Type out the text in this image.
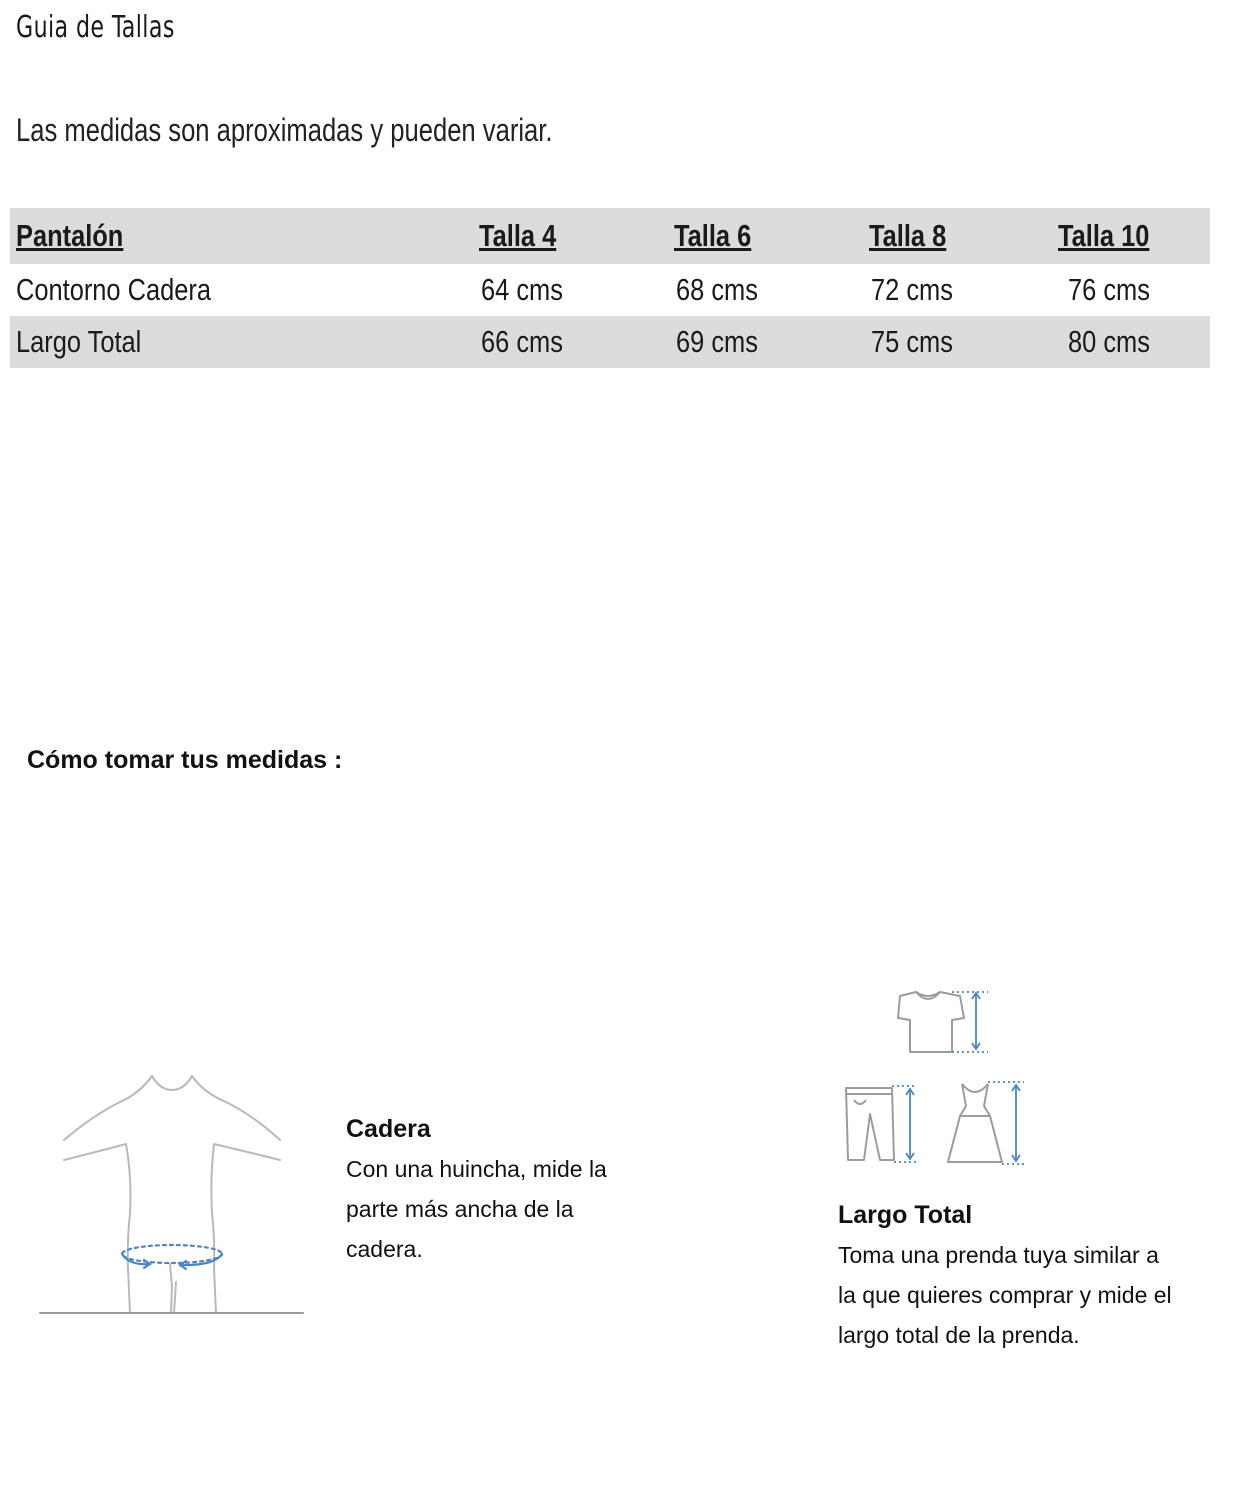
Guia de Tallas
Las medidas son aproximadas y pueden variar.
Pantalón	Talla 4	Talla 6	Talla 8	Talla 10
Contorno Cadera	64 cms	68 cms	72 cms	76 cms
Largo Total	66 cms	69 cms	75 cms	80 cms
Cómo tomar tus medidas :
Cadera
Con una huincha, mide la parte más ancha de la cadera.
Largo Total
Toma una prenda tuya similar a la que quieres comprar y mide el largo total de la prenda.
